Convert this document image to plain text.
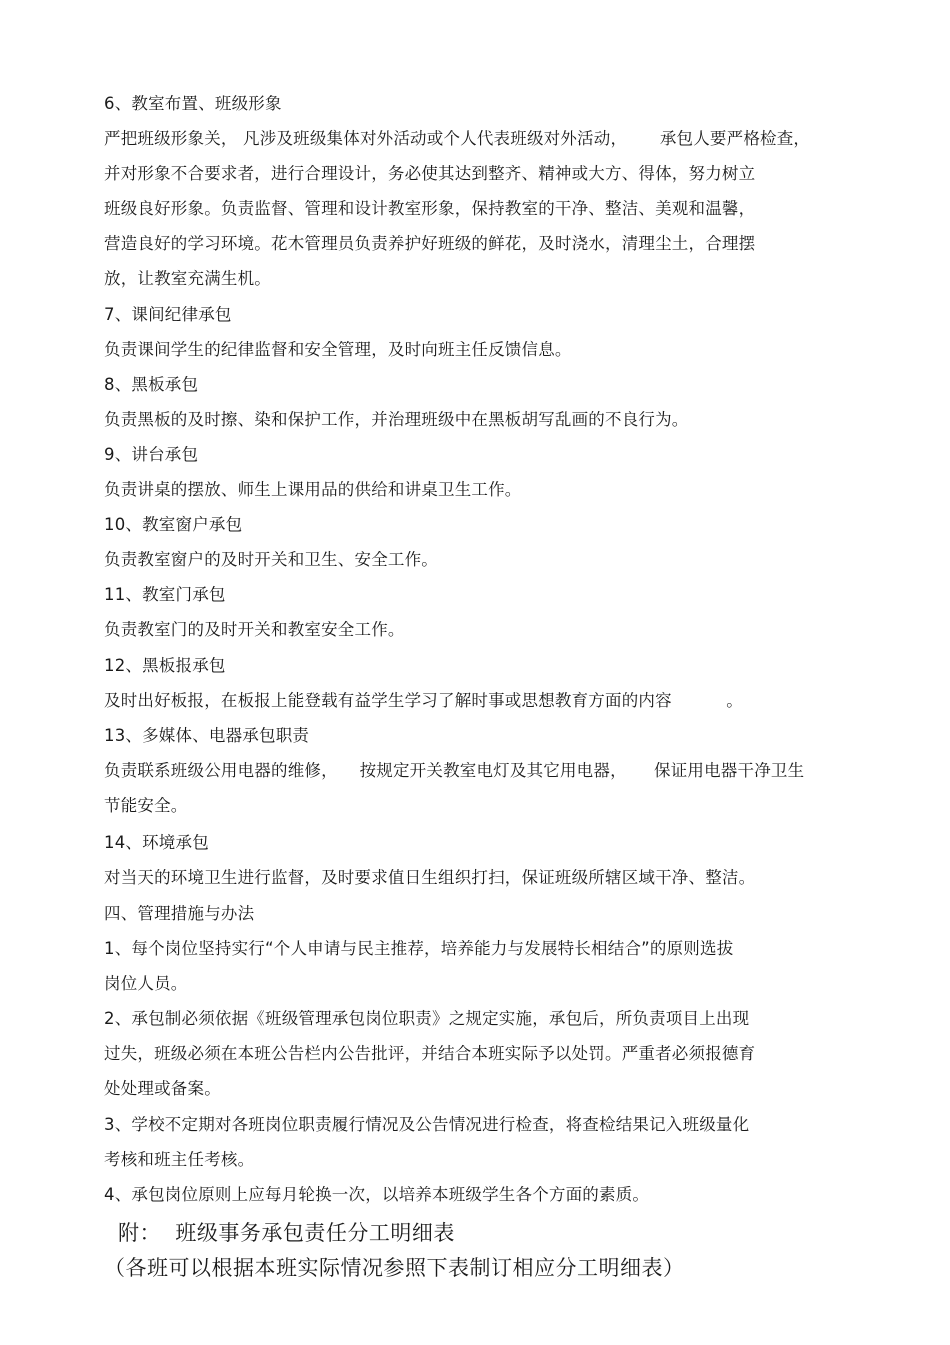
6、教室布置、班级形象
严把班级形象关， 凡涉及班级集体对外活动或个人代表班级对外活动，      承包人要严格检查，
并对形象不合要求者，进行合理设计，务必使其达到整齐、精神或大方、得体，努力树立
班级良好形象。负责监督、管理和设计教室形象，保持教室的干净、整洁、美观和温馨，
营造良好的学习环境。花木管理员负责养护好班级的鲜花，及时浇水，清理尘土，合理摆
放，让教室充满生机。
7、课间纪律承包
负责课间学生的纪律监督和安全管理，及时向班主任反馈信息。
8、黑板承包
负责黑板的及时擦、染和保护工作，并治理班级中在黑板胡写乱画的不良行为。
9、讲台承包
负责讲桌的摆放、师生上课用品的供给和讲桌卫生工作。
10、教室窗户承包
负责教室窗户的及时开关和卫生、安全工作。
11、教室门承包
负责教室门的及时开关和教室安全工作。
12、黑板报承包
及时出好板报，在板报上能登载有益学生学习了解时事或思想教育方面的内容          。
13、多媒体、电器承包职责
负责联系班级公用电器的维修，    按规定开关教室电灯及其它用电器，     保证用电器干净卫生
节能安全。
14、环境承包
对当天的环境卫生进行监督，及时要求值日生组织打扫，保证班级所辖区域干净、整洁。
四、管理措施与办法
1、每个岗位坚持实行“个人申请与民主推荐，培养能力与发展特长相结合”的原则选拔
岗位人员。
2、承包制必须依据《班级管理承包岗位职责》之规定实施，承包后，所负责项目上出现
过失，班级必须在本班公告栏内公告批评，并结合本班实际予以处罚。严重者必须报德育
处处理或备案。
3、学校不定期对各班岗位职责履行情况及公告情况进行检查，将查检结果记入班级量化
考核和班主任考核。
4、承包岗位原则上应每月轮换一次，以培养本班级学生各个方面的素质。
附：  班级事务承包责任分工明细表
（各班可以根据本班实际情况参照下表制订相应分工明细表）
